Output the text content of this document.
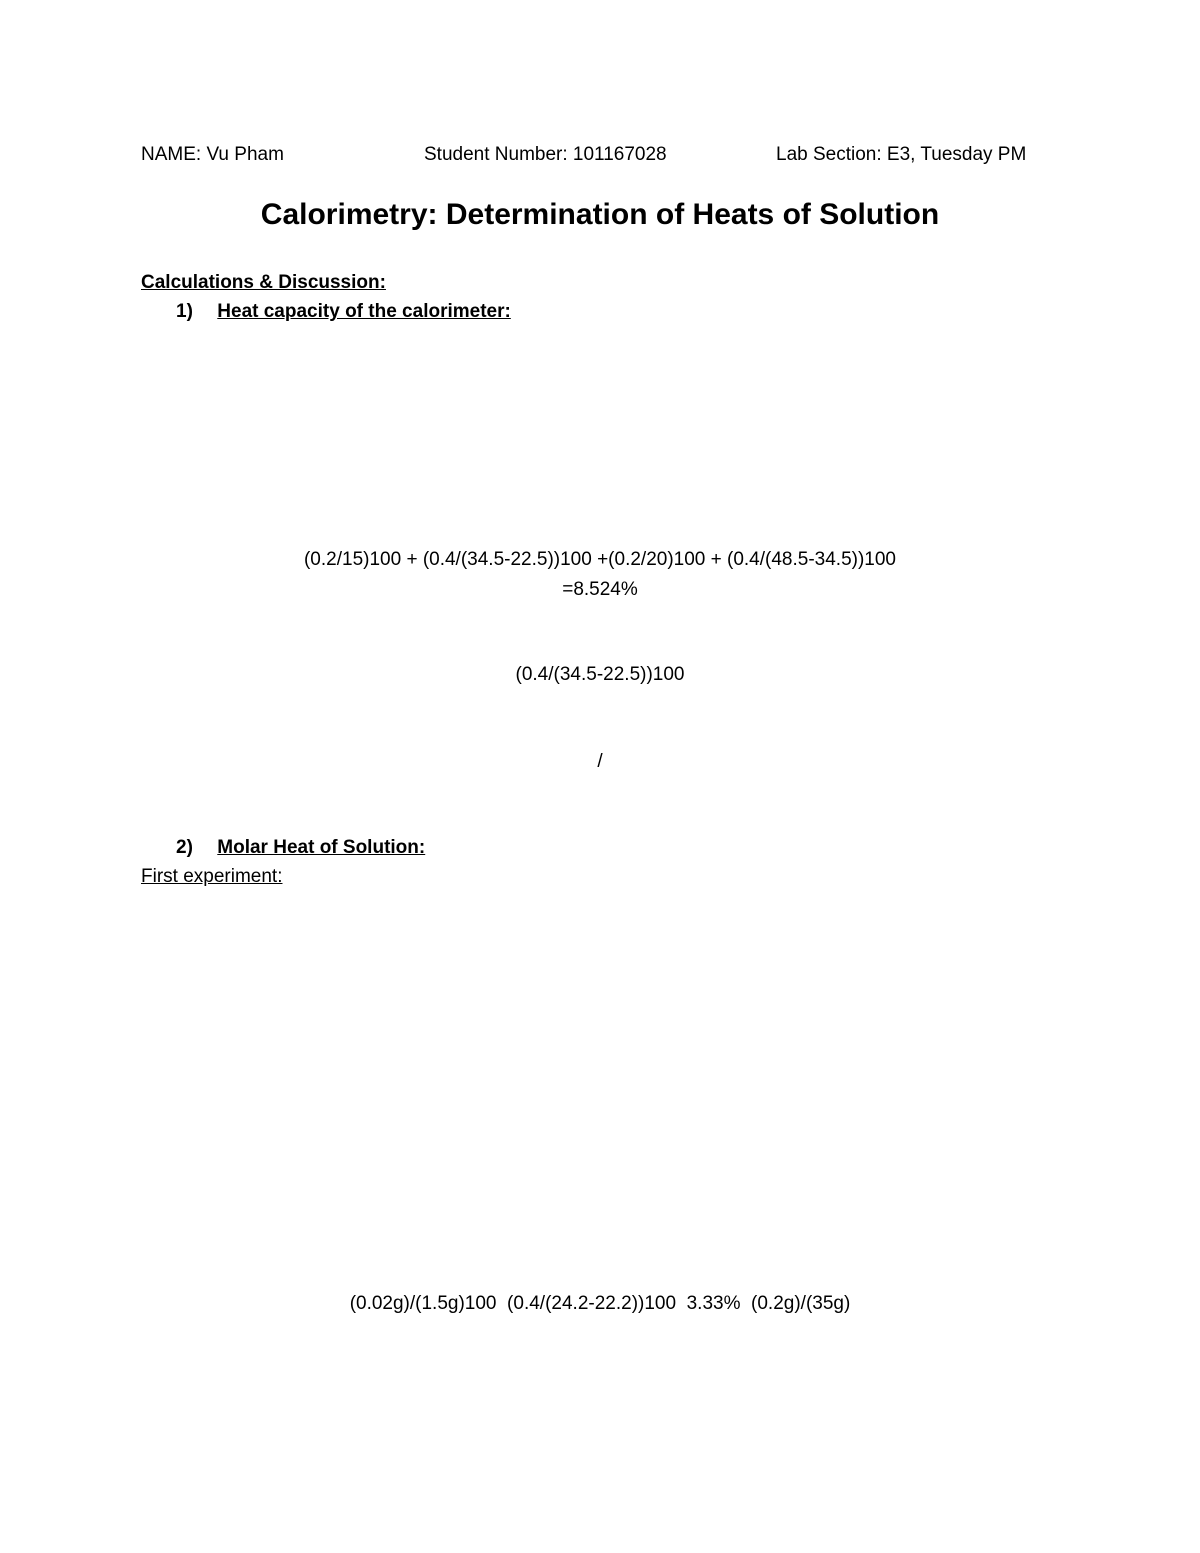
NAME: Vu Pham	Student Number: 101167028	Lab Section: E3, Tuesday PM
Calorimetry: Determination of Heats of Solution
Calculations & Discussion:
1) Heat capacity of the calorimeter:
(0.2/15)100 + (0.4/(34.5-22.5))100 +(0.2/20)100 + (0.4/(48.5-34.5))100
=8.524%
(0.4/(34.5-22.5))100
/
2) Molar Heat of Solution:
First experiment:
(0.02g)/(1.5g)100  (0.4/(24.2-22.2))100  3.33%  (0.2g)/(35g)
